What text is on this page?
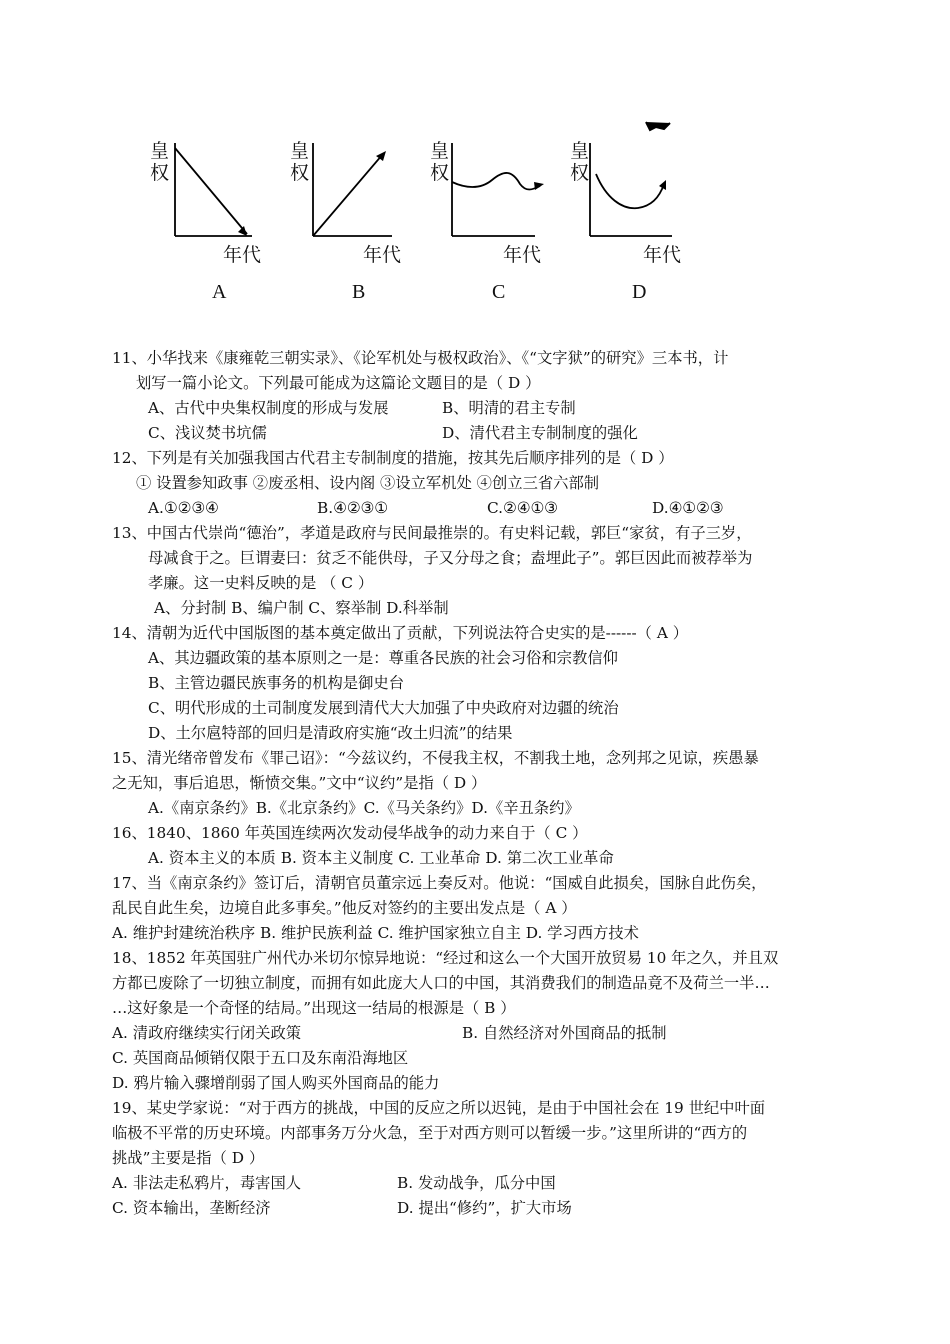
皇
权
年代
A
皇
权
年代
B
皇
权
年代
C
皇
权
年代
D
11、小华找来《康雍乾三朝实录》、《论军机处与极权政治》、《“文字狱”的研究》三本书，计
划写一篇小论文。下列最可能成为这篇论文题目的是（ D ）
A、古代中央集权制度的形成与发展	B、明清的君主专制
C、浅议焚书坑儒	D、清代君主专制制度的强化
12、下列是有关加强我国古代君主专制制度的措施，按其先后顺序排列的是（ D ）
① 设置参知政事 ②废丞相、设内阁 ③设立军机处 ④创立三省六部制
A.①②③④	B.④②③①	C.②④①③	D.④①②③
13、中国古代崇尚“德治”，孝道是政府与民间最推崇的。有史料记载，郭巨“家贫，有子三岁，
母减食于之。巨谓妻曰：贫乏不能供母，子又分母之食；盍埋此子”。郭巨因此而被荐举为
孝廉。这一史料反映的是 （ C ）
A、分封制 B、编户制 C、察举制 D.科举制
14、清朝为近代中国版图的基本奠定做出了贡献，下列说法符合史实的是------（ A ）
A、其边疆政策的基本原则之一是：尊重各民族的社会习俗和宗教信仰
B、主管边疆民族事务的机构是御史台
C、明代形成的土司制度发展到清代大大加强了中央政府对边疆的统治
D、土尔扈特部的回归是清政府实施“改土归流”的结果
15、清光绪帝曾发布《罪己诏》：“今兹议约，不侵我主权，不割我土地，念列邦之见谅，疾愚暴
之无知，事后追思，惭愤交集。”文中“议约”是指（ D ）
A.《南京条约》B.《北京条约》C.《马关条约》D.《辛丑条约》
16、1840、1860 年英国连续两次发动侵华战争的动力来自于（ C ）
A. 资本主义的本质 B. 资本主义制度 C. 工业革命 D. 第二次工业革命
17、当《南京条约》签订后，清朝官员董宗远上奏反对。他说：“国威自此损矣，国脉自此伤矣，
乱民自此生矣，边境自此多事矣。”他反对签约的主要出发点是（ A ）
A. 维护封建统治秩序 B. 维护民族利益 C. 维护国家独立自主 D. 学习西方技术
18、1852 年英国驻广州代办米切尔惊异地说：“经过和这么一个大国开放贸易 10 年之久，并且双
方都已废除了一切独立制度，而拥有如此庞大人口的中国，其消费我们的制造品竟不及荷兰一半…
…这好象是一个奇怪的结局。”出现这一结局的根源是（ B ）
A. 清政府继续实行闭关政策	B. 自然经济对外国商品的抵制
C. 英国商品倾销仅限于五口及东南沿海地区
D. 鸦片输入骤增削弱了国人购买外国商品的能力
19、某史学家说：“对于西方的挑战，中国的反应之所以迟钝，是由于中国社会在 19 世纪中叶面
临极不平常的历史环境。内部事务万分火急，至于对西方则可以暂缓一步。”这里所讲的“西方的
挑战”主要是指（ D ）
A. 非法走私鸦片，毒害国人	B. 发动战争，瓜分中国
C. 资本输出，垄断经济	D. 提出“修约”，扩大市场
